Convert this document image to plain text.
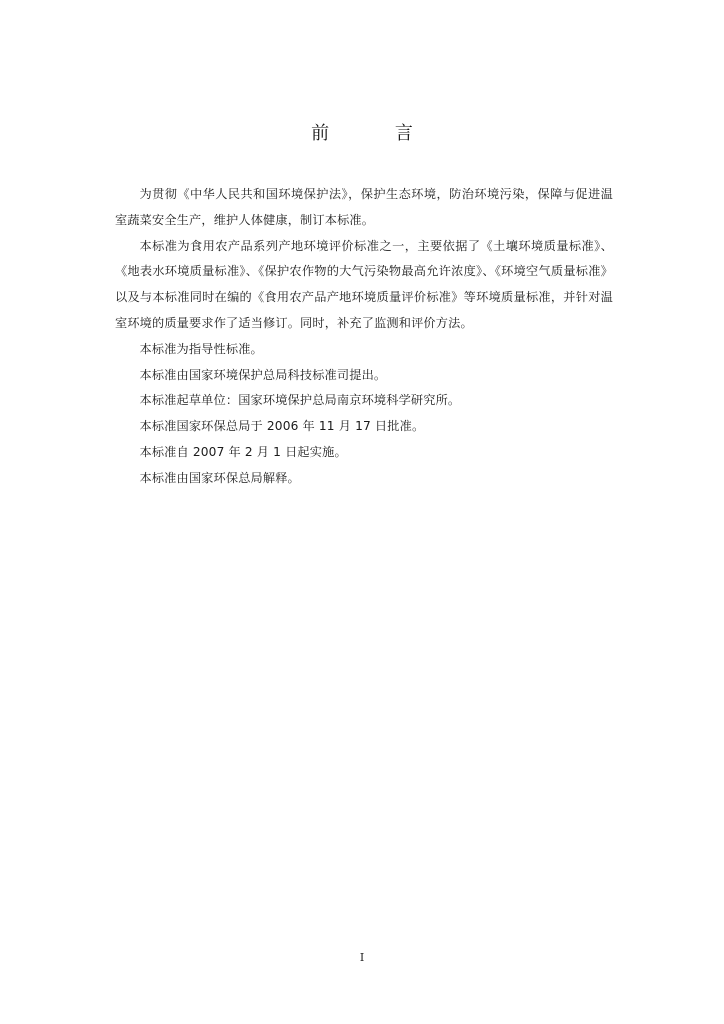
前 言

为贯彻《中华人民共和国环境保护法》，保护生态环境，防治环境污染，保障与促进温室蔬菜安全生产，维护人体健康，制订本标准。

本标准为食用农产品系列产地环境评价标准之一，主要依据了《土壤环境质量标准》、《地表水环境质量标准》、《保护农作物的大气污染物最高允许浓度》、《环境空气质量标准》以及与本标准同时在编的《食用农产品产地环境质量评价标准》等环境质量标准，并针对温室环境的质量要求作了适当修订。同时，补充了监测和评价方法。

本标准为指导性标准。

本标准由国家环境保护总局科技标准司提出。

本标准起草单位：国家环境保护总局南京环境科学研究所。

本标准国家环保总局于 2006 年 11 月 17 日批准。

本标准自 2007 年 2 月 1 日起实施。

本标准由国家环保总局解释。

I
